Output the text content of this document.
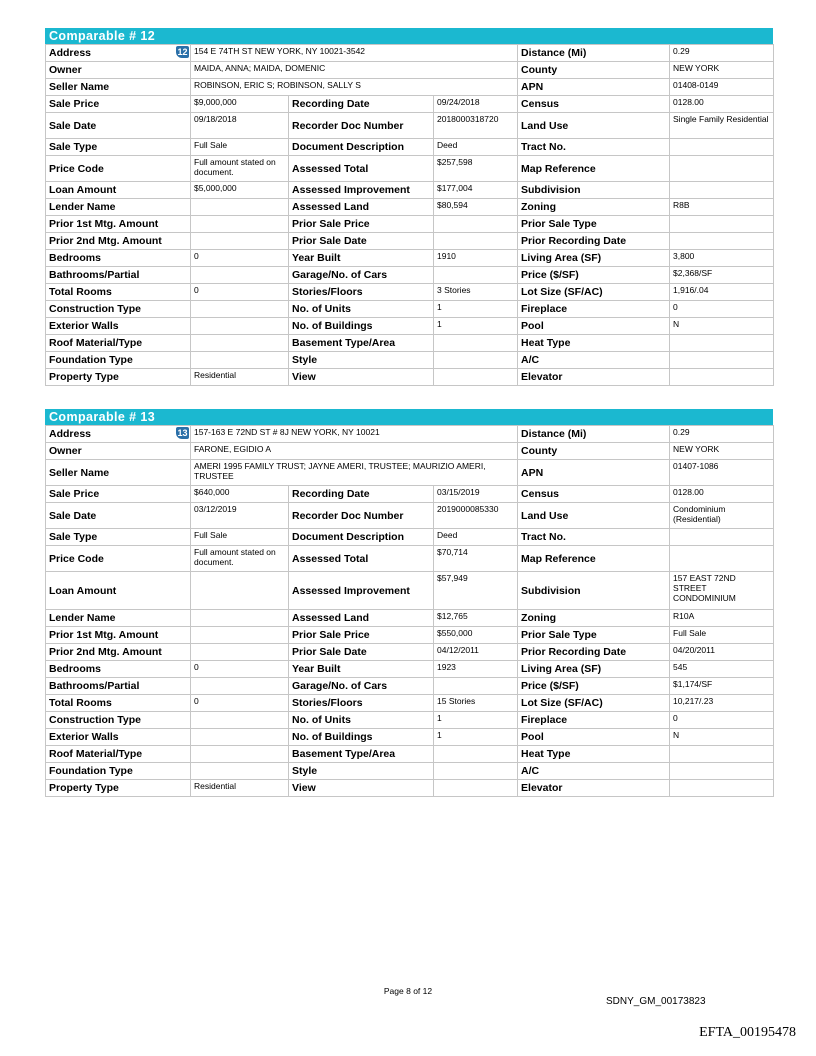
Comparable # 12
Address 12	154 E 74TH ST NEW YORK, NY 10021-3542			Distance (Mi)	0.29
Owner	MAIDA, ANNA; MAIDA, DOMENIC			County	NEW YORK
Seller Name	ROBINSON, ERIC S; ROBINSON, SALLY S			APN	01408-0149
Sale Price	$9,000,000	Recording Date	09/24/2018	Census	0128.00
Sale Date	09/18/2018	Recorder Doc Number	2018000318720	Land Use	Single Family Residential
Sale Type	Full Sale	Document Description	Deed	Tract No.	
Price Code	Full amount stated on document.	Assessed Total	$257,598	Map Reference	
Loan Amount	$5,000,000	Assessed Improvement	$177,004	Subdivision	
Lender Name		Assessed Land	$80,594	Zoning	R8B
Prior 1st Mtg. Amount		Prior Sale Price		Prior Sale Type	
Prior 2nd Mtg. Amount		Prior Sale Date		Prior Recording Date	
Bedrooms	0	Year Built	1910	Living Area (SF)	3,800
Bathrooms/Partial		Garage/No. of Cars		Price ($/SF)	$2,368/SF
Total Rooms	0	Stories/Floors	3 Stories	Lot Size (SF/AC)	1,916/.04
Construction Type		No. of Units	1	Fireplace	0
Exterior Walls		No. of Buildings	1	Pool	N
Roof Material/Type		Basement Type/Area		Heat Type	
Foundation Type		Style		A/C	
Property Type	Residential	View		Elevator	
Comparable # 13
Address 13	157-163 E 72ND ST # 8J NEW YORK, NY 10021			Distance (Mi)	0.29
Owner	FARONE, EGIDIO A			County	NEW YORK
Seller Name	AMERI 1995 FAMILY TRUST; JAYNE AMERI, TRUSTEE; MAURIZIO AMERI, TRUSTEE			APN	01407-1086
Sale Price	$640,000	Recording Date	03/15/2019	Census	0128.00
Sale Date	03/12/2019	Recorder Doc Number	2019000085330	Land Use	Condominium (Residential)
Sale Type	Full Sale	Document Description	Deed	Tract No.	
Price Code	Full amount stated on document.	Assessed Total	$70,714	Map Reference	
Loan Amount		Assessed Improvement	$57,949	Subdivision	157 EAST 72ND STREET CONDOMINIUM
Lender Name		Assessed Land	$12,765	Zoning	R10A
Prior 1st Mtg. Amount		Prior Sale Price	$550,000	Prior Sale Type	Full Sale
Prior 2nd Mtg. Amount		Prior Sale Date	04/12/2011	Prior Recording Date	04/20/2011
Bedrooms	0	Year Built	1923	Living Area (SF)	545
Bathrooms/Partial		Garage/No. of Cars		Price ($/SF)	$1,174/SF
Total Rooms	0	Stories/Floors	15 Stories	Lot Size (SF/AC)	10,217/.23
Construction Type		No. of Units	1	Fireplace	0
Exterior Walls		No. of Buildings	1	Pool	N
Roof Material/Type		Basement Type/Area		Heat Type	
Foundation Type		Style		A/C	
Property Type	Residential	View		Elevator	
Page 8 of 12
SDNY_GM_00173823
EFTA_00195478
